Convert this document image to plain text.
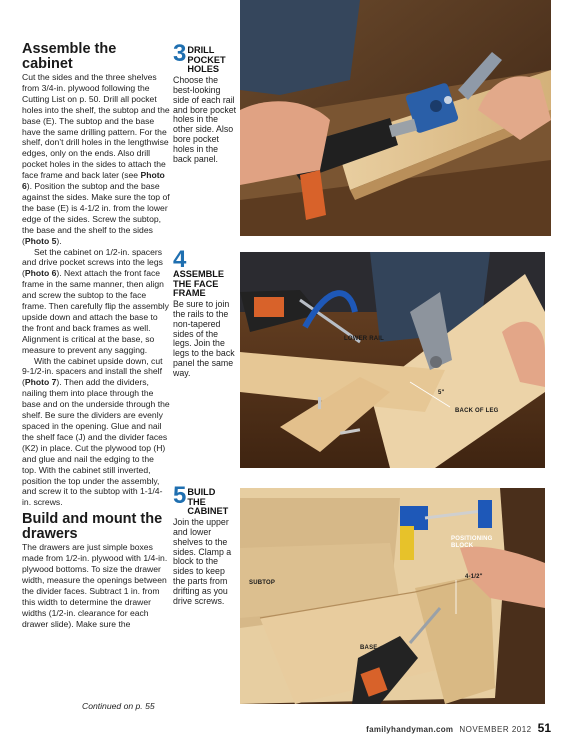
Assemble the cabinet

Cut the sides and the three shelves from 3/4-in. plywood following the Cutting List on p. 50. Drill all pocket holes into the shelf, the subtop and the base (E). The subtop and the base have the same drilling pattern. For the shelf, don’t drill holes in the lengthwise edges, only on the ends. Also drill pocket holes in the sides to attach the face frame and back later (see Photo 6). Position the subtop and the base against the sides. Make sure the top of the base (E) is 4-1/2 in. from the lower edge of the sides. Screw the subtop, the base and the shelf to the sides (Photo 5).

Set the cabinet on 1/2-in. spacers and drive pocket screws into the legs (Photo 6). Next attach the front face frame in the same manner, then align and screw the subtop to the face frame. Then carefully flip the assembly upside down and attach the base to the front and back frames as well. Alignment is critical at the base, so measure to prevent any sagging.

With the cabinet upside down, cut 9-1/2-in. spacers and install the shelf (Photo 7). Then add the dividers, nailing them into place through the base and on the underside through the shelf. Be sure the dividers are evenly spaced in the opening. Glue and nail the shelf face (J) and the divider faces (K2) in place. Cut the plywood top (H) and glue and nail the edging to the top. With the cabinet still inverted, position the top under the assembly, and screw it to the subtop with 1-1/4-in. screws.

Build and mount the drawers

The drawers are just simple boxes made from 1/2-in. plywood with 1/4-in. plywood bottoms. To size the drawer width, measure the openings between the divider faces. Subtract 1 in. from this width to determine the drawer widths (1/2-in. clearance for each drawer slide). Make sure the

Continued on p. 55
3DRILL POCKET HOLES

Choose the best-looking side of each rail and bore pocket holes in the other side. Also bore pocket holes in the back panel.

4
ASSEMBLE THE FACE FRAME

Be sure to join the rails to the non-tapered sides of the legs. Join the legs to the back panel the same way.

5BUILD THE CABINET

Join the upper and lower shelves to the sides. Clamp a block to the sides to keep the parts from drifting as you drive screws.

LOWER RAIL
5"
BACK OF LEG
POSITIONING BLOCK
4-1/2"
SUBTOP
BASE
familyhandyman.com NOVEMBER 2012 51
